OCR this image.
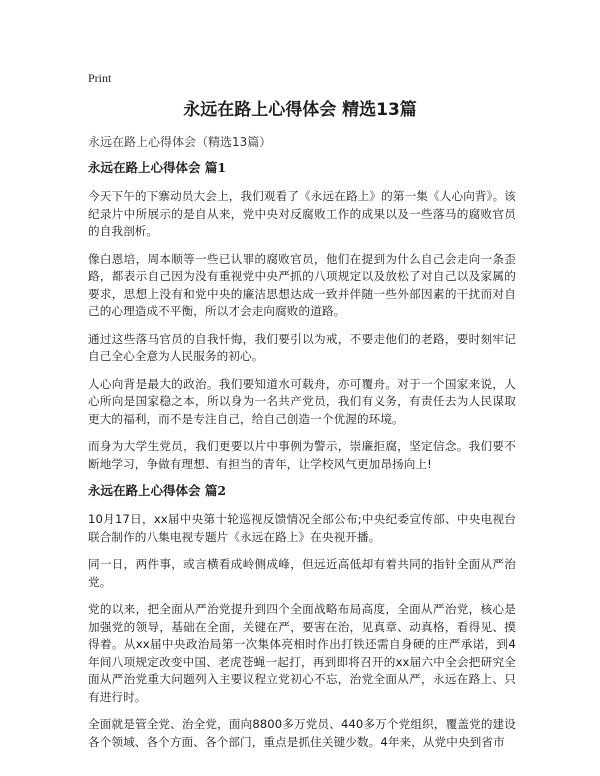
Print
永远在路上心得体会 精选13篇
永远在路上心得体会（精选13篇）
永远在路上心得体会 篇1

今天下午的下寨动员大会上，我们观看了《永远在路上》的第一集《人心向背》。该纪录片中所展示的是自从来，党中央对反腐败工作的成果以及一些落马的腐败官员的自我剖析。

像白恩培，周本顺等一些已认罪的腐败官员，他们在提到为什么自己会走向一条歪路，都表示自己因为没有重视党中央严抓的八项规定以及放松了对自己以及家属的要求，思想上没有和党中央的廉洁思想达成一致并伴随一些外部因素的干扰而对自己的心理造成不平衡，所以才会走向腐败的道路。

通过这些落马官员的自我忏悔，我们要引以为戒，不要走他们的老路，要时刻牢记自己全心全意为人民服务的初心。

人心向背是最大的政治。我们要知道水可载舟，亦可覆舟。对于一个国家来说，人心所向是国家稳之本，所以身为一名共产党员，我们有义务，有责任去为人民谋取更大的福利，而不是专注自己，给自己创造一个优渥的环境。

而身为大学生党员，我们更要以片中事例为警示，崇廉拒腐，坚定信念。我们要不断地学习，争做有理想、有担当的青年，让学校风气更加昂扬向上!

永远在路上心得体会 篇2

10月17日，xx届中央第十轮巡视反馈情况全部公布;中央纪委宣传部、中央电视台联合制作的八集电视专题片《永远在路上》在央视开播。

同一日，两件事，或言横看成岭侧成峰，但远近高低却有着共同的指针全面从严治党。

党的以来，把全面从严治党提升到四个全面战略布局高度，全面从严治党，核心是加强党的领导，基础在全面，关键在严，要害在治，见真章、动真格，看得见、摸得着。从xx届中央政治局第一次集体亮相时作出打铁还需自身硬的庄严承诺，到4年间八项规定改变中国、老虎苍蝇一起打，再到即将召开的xx届六中全会把研究全面从严治党重大问题列入主要议程立党初心不忘，治党全面从严，永远在路上、只有进行时。

全面就是管全党、治全党，面向8800多万党员、440多万个党组织，覆盖党的建设各个领域、各个方面、各个部门，重点是抓住关键少数。4年来，从党中央到省市
